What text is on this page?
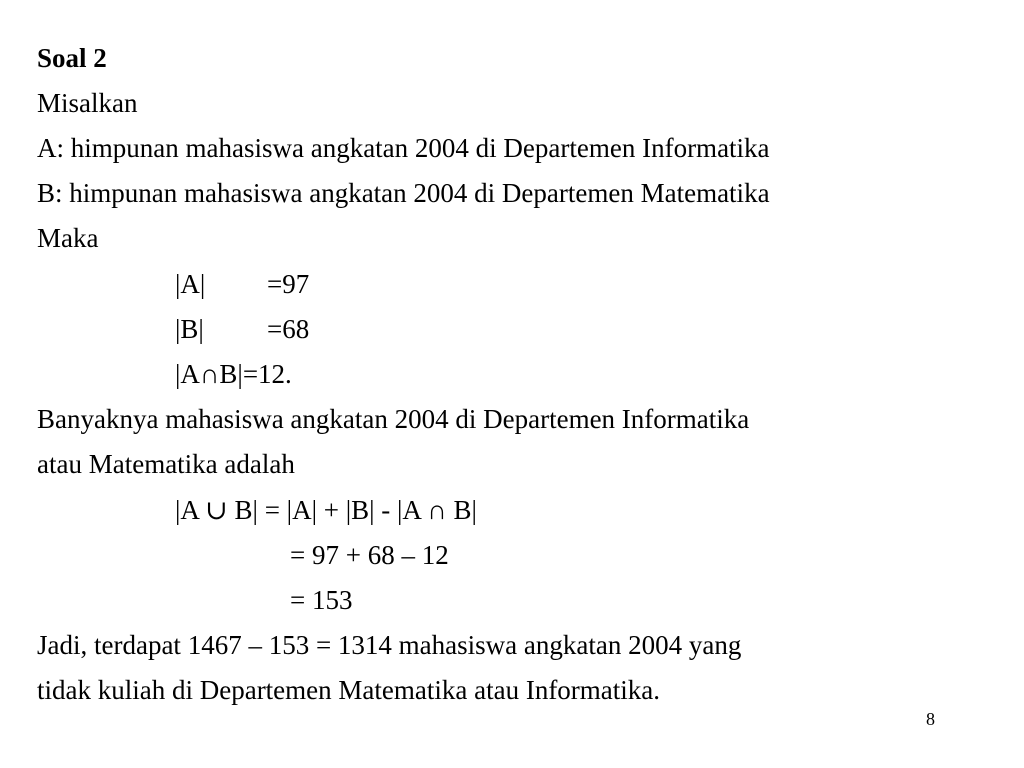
Soal 2
Misalkan
A: himpunan mahasiswa angkatan 2004 di Departemen Informatika
B: himpunan mahasiswa angkatan 2004 di Departemen Matematika
Maka
|A| =97
|B| =68
|A∩B|=12.
Banyaknya mahasiswa angkatan 2004 di Departemen Informatika
atau Matematika adalah
|A ∪ B| = |A| + |B| - |A ∩ B|
= 97 + 68 – 12
= 153
Jadi, terdapat 1467 – 153 = 1314 mahasiswa angkatan 2004 yang
tidak kuliah di Departemen Matematika atau Informatika.
8
